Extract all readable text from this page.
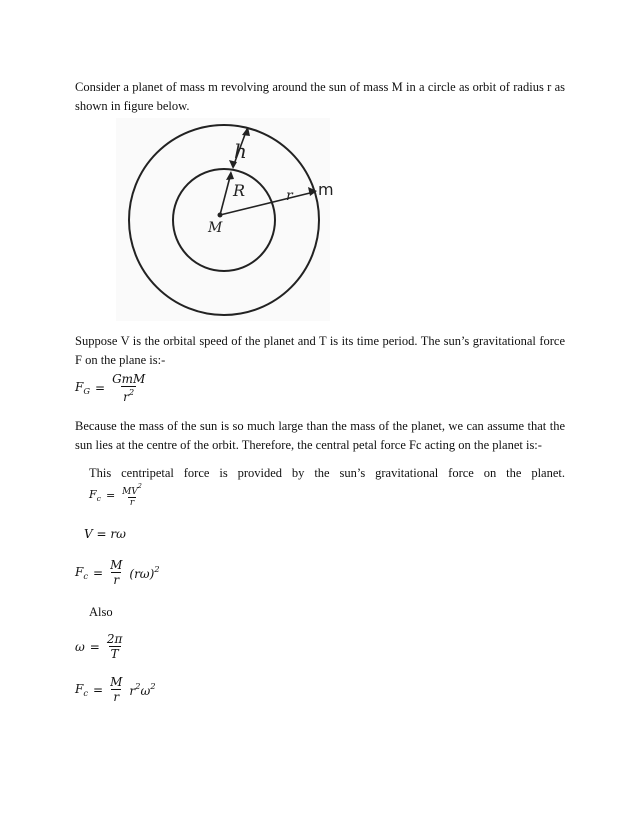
Consider a planet of mass m revolving around the sun of mass M in a circle as orbit of radius r as shown in figure below.
h
R	r m
M
Suppose V is the orbital speed of the planet and T is its time period. The sun’s gravitational force F on the plane is:-
$F_G = \frac{\text{GmM}}{r^2}$
Because the mass of the sun is so much large than the mass of the planet, we can assume that the sun lies at the centre of the orbit. Therefore, the central petal force Fc acting on the planet is:-
This centripetal force is provided by the sun’s gravitational force on the planet.
$F_c = \frac{MV^2}{r}$
V = rω
$F_c = \frac{M}{r} (r\omega)^2$
Also
$\omega = \frac{2\pi}{T}$
$F_c = \frac{M}{r} r^2\omega^2$
